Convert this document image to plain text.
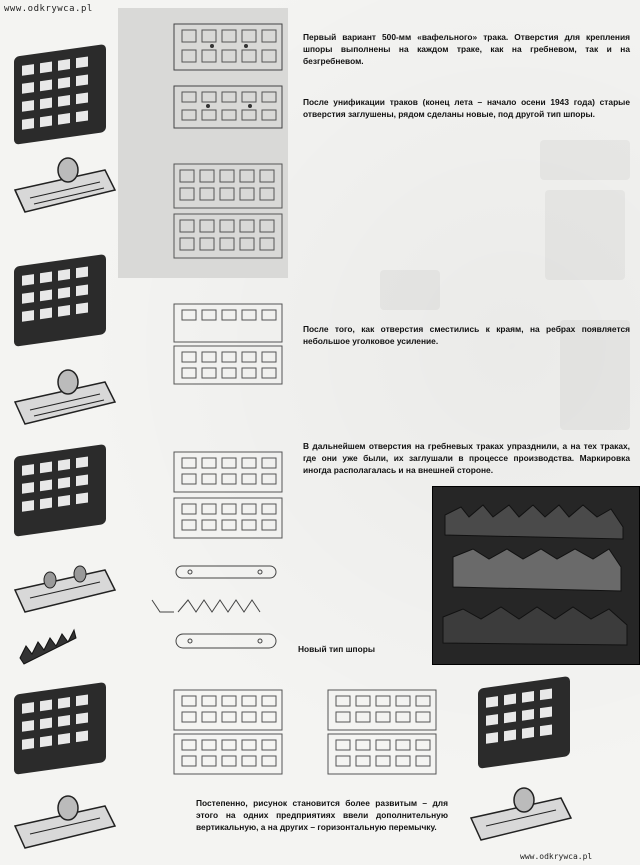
www.odkrywca.pl
Первый вариант 500-мм «вафельного» трака. Отверстия для крепления шпоры выполнены на каждом траке, как на гребневом, так и на безгребневом.
После унификации траков (конец лета – начало осени 1943 года) старые отверстия заглушены, рядом сделаны новые, под другой тип шпоры.
После того, как отверстия сместились к краям, на ребрах появляется небольшое уголковое усиление.
В дальнейшем отверстия на гребневых траках упразднили, а на тех траках, где они уже были, их заглушали в процессе производства. Маркировка иногда располагалась и на внешней стороне.
Новый тип шпоры
Постепенно, рисунок становится более развитым – для этого на одних предприятиях ввели дополнительную вертикальную, а на других – горизонтальную перемычку.
www.odkrywca.pl
